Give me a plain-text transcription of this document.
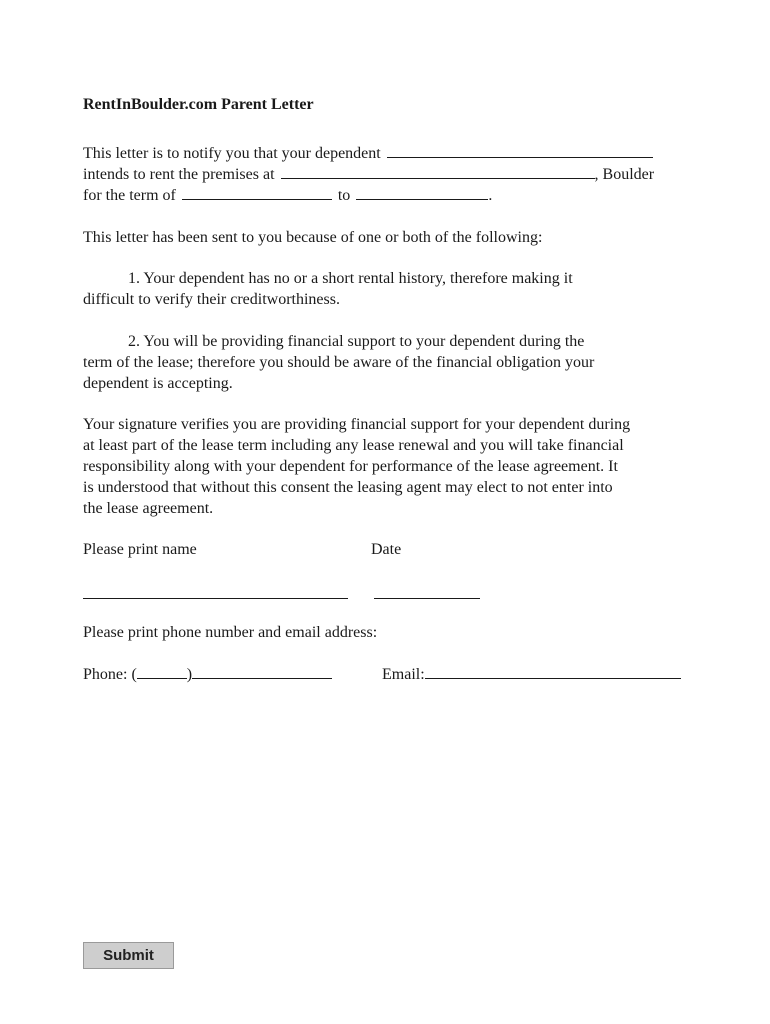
RentInBoulder.com Parent Letter
This letter is to notify you that your dependent
intends to rent the premises at	, Boulder
for the term of	to	.
This letter has been sent to you because of one or both of the following:
1. Your dependent has no or a short rental history, therefore making it
difficult to verify their creditworthiness.
2. You will be providing financial support to your dependent during the
term of the lease; therefore you should be aware of the financial obligation your
dependent is accepting.
Your signature verifies you are providing financial support for your dependent during
at least part of the lease term including any lease renewal and you will take financial
responsibility along with your dependent for performance of the lease agreement. It
is understood that without this consent the leasing agent may elect to not enter into
the lease agreement.
Please print name	Date
Please print phone number and email address:
Phone: (	)	Email:
Submit
